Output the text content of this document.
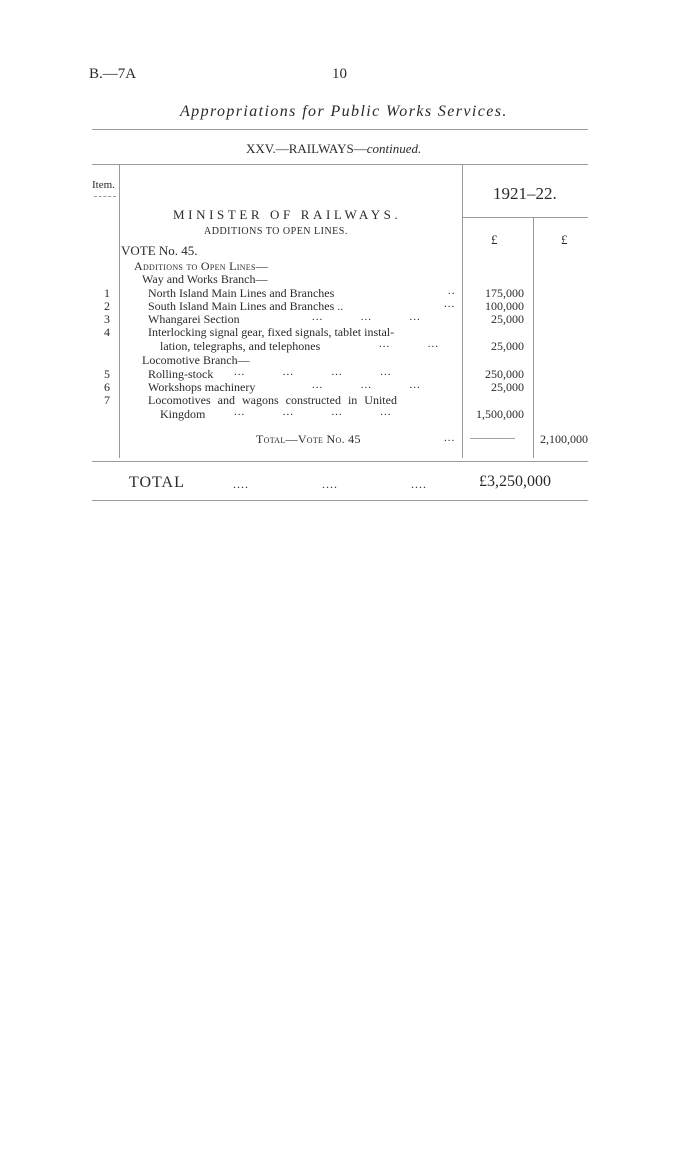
B.—7A	10
Appropriations for Public Works Services.
XXV.—RAILWAYS—continued.
Item.	1921–22.
£	£
MINISTER OF RAILWAYS.
ADDITIONS TO OPEN LINES.
VOTE No. 45.
Additions to Open Lines—
Way and Works Branch—
1	North Island Main Lines and Branches	..	175,000
2	South Island Main Lines and Branches ..	...	100,000
3	Whangarei Section	...          ...          ...	25,000
4	Interlocking signal gear, fixed signals, tablet instal-
lation, telegraphs, and telephones	...          ...	25,000
Locomotive Branch—
5	Rolling-stock ...          ...          ...          ...	250,000
6	Workshops machinery	...          ...          ...	25,000
7	Locomotives and wagons constructed in United
Kingdom	...          ...          ...          ...	1,500,000
Total—Vote No. 45	... ————	2,100,000
TOTAL	....	....	....	£3,250,000
